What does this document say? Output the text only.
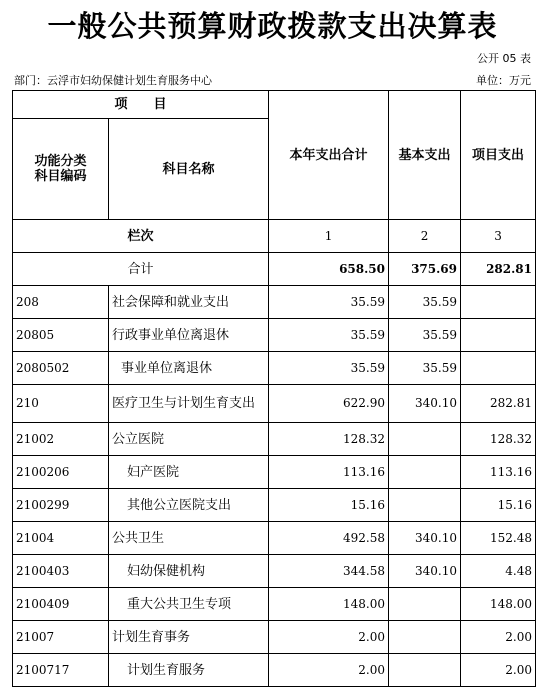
一般公共预算财政拨款支出决算表
公开 05 表
部门：云浮市妇幼保健计划生育服务中心	单位：万元
项　　目		本年支出合计	基本支出	项目支出
功能分类科目编码	科目名称			

栏次		1	2	3
合计		658.50	375.69	282.81
208	社会保障和就业支出	35.59	35.59	
20805	行政事业单位离退休	35.59	35.59	
2080502	事业单位离退休	35.59	35.59	
210	医疗卫生与计划生育支出	622.90	340.10	282.81
21002	公立医院	128.32		128.32
2100206	妇产医院	113.16		113.16
2100299	其他公立医院支出	15.16		15.16
21004	公共卫生	492.58	340.10	152.48
2100403	妇幼保健机构	344.58	340.10	4.48
2100409	重大公共卫生专项	148.00		148.00
21007	计划生育事务	2.00		2.00
2100717	计划生育服务	2.00		2.00
